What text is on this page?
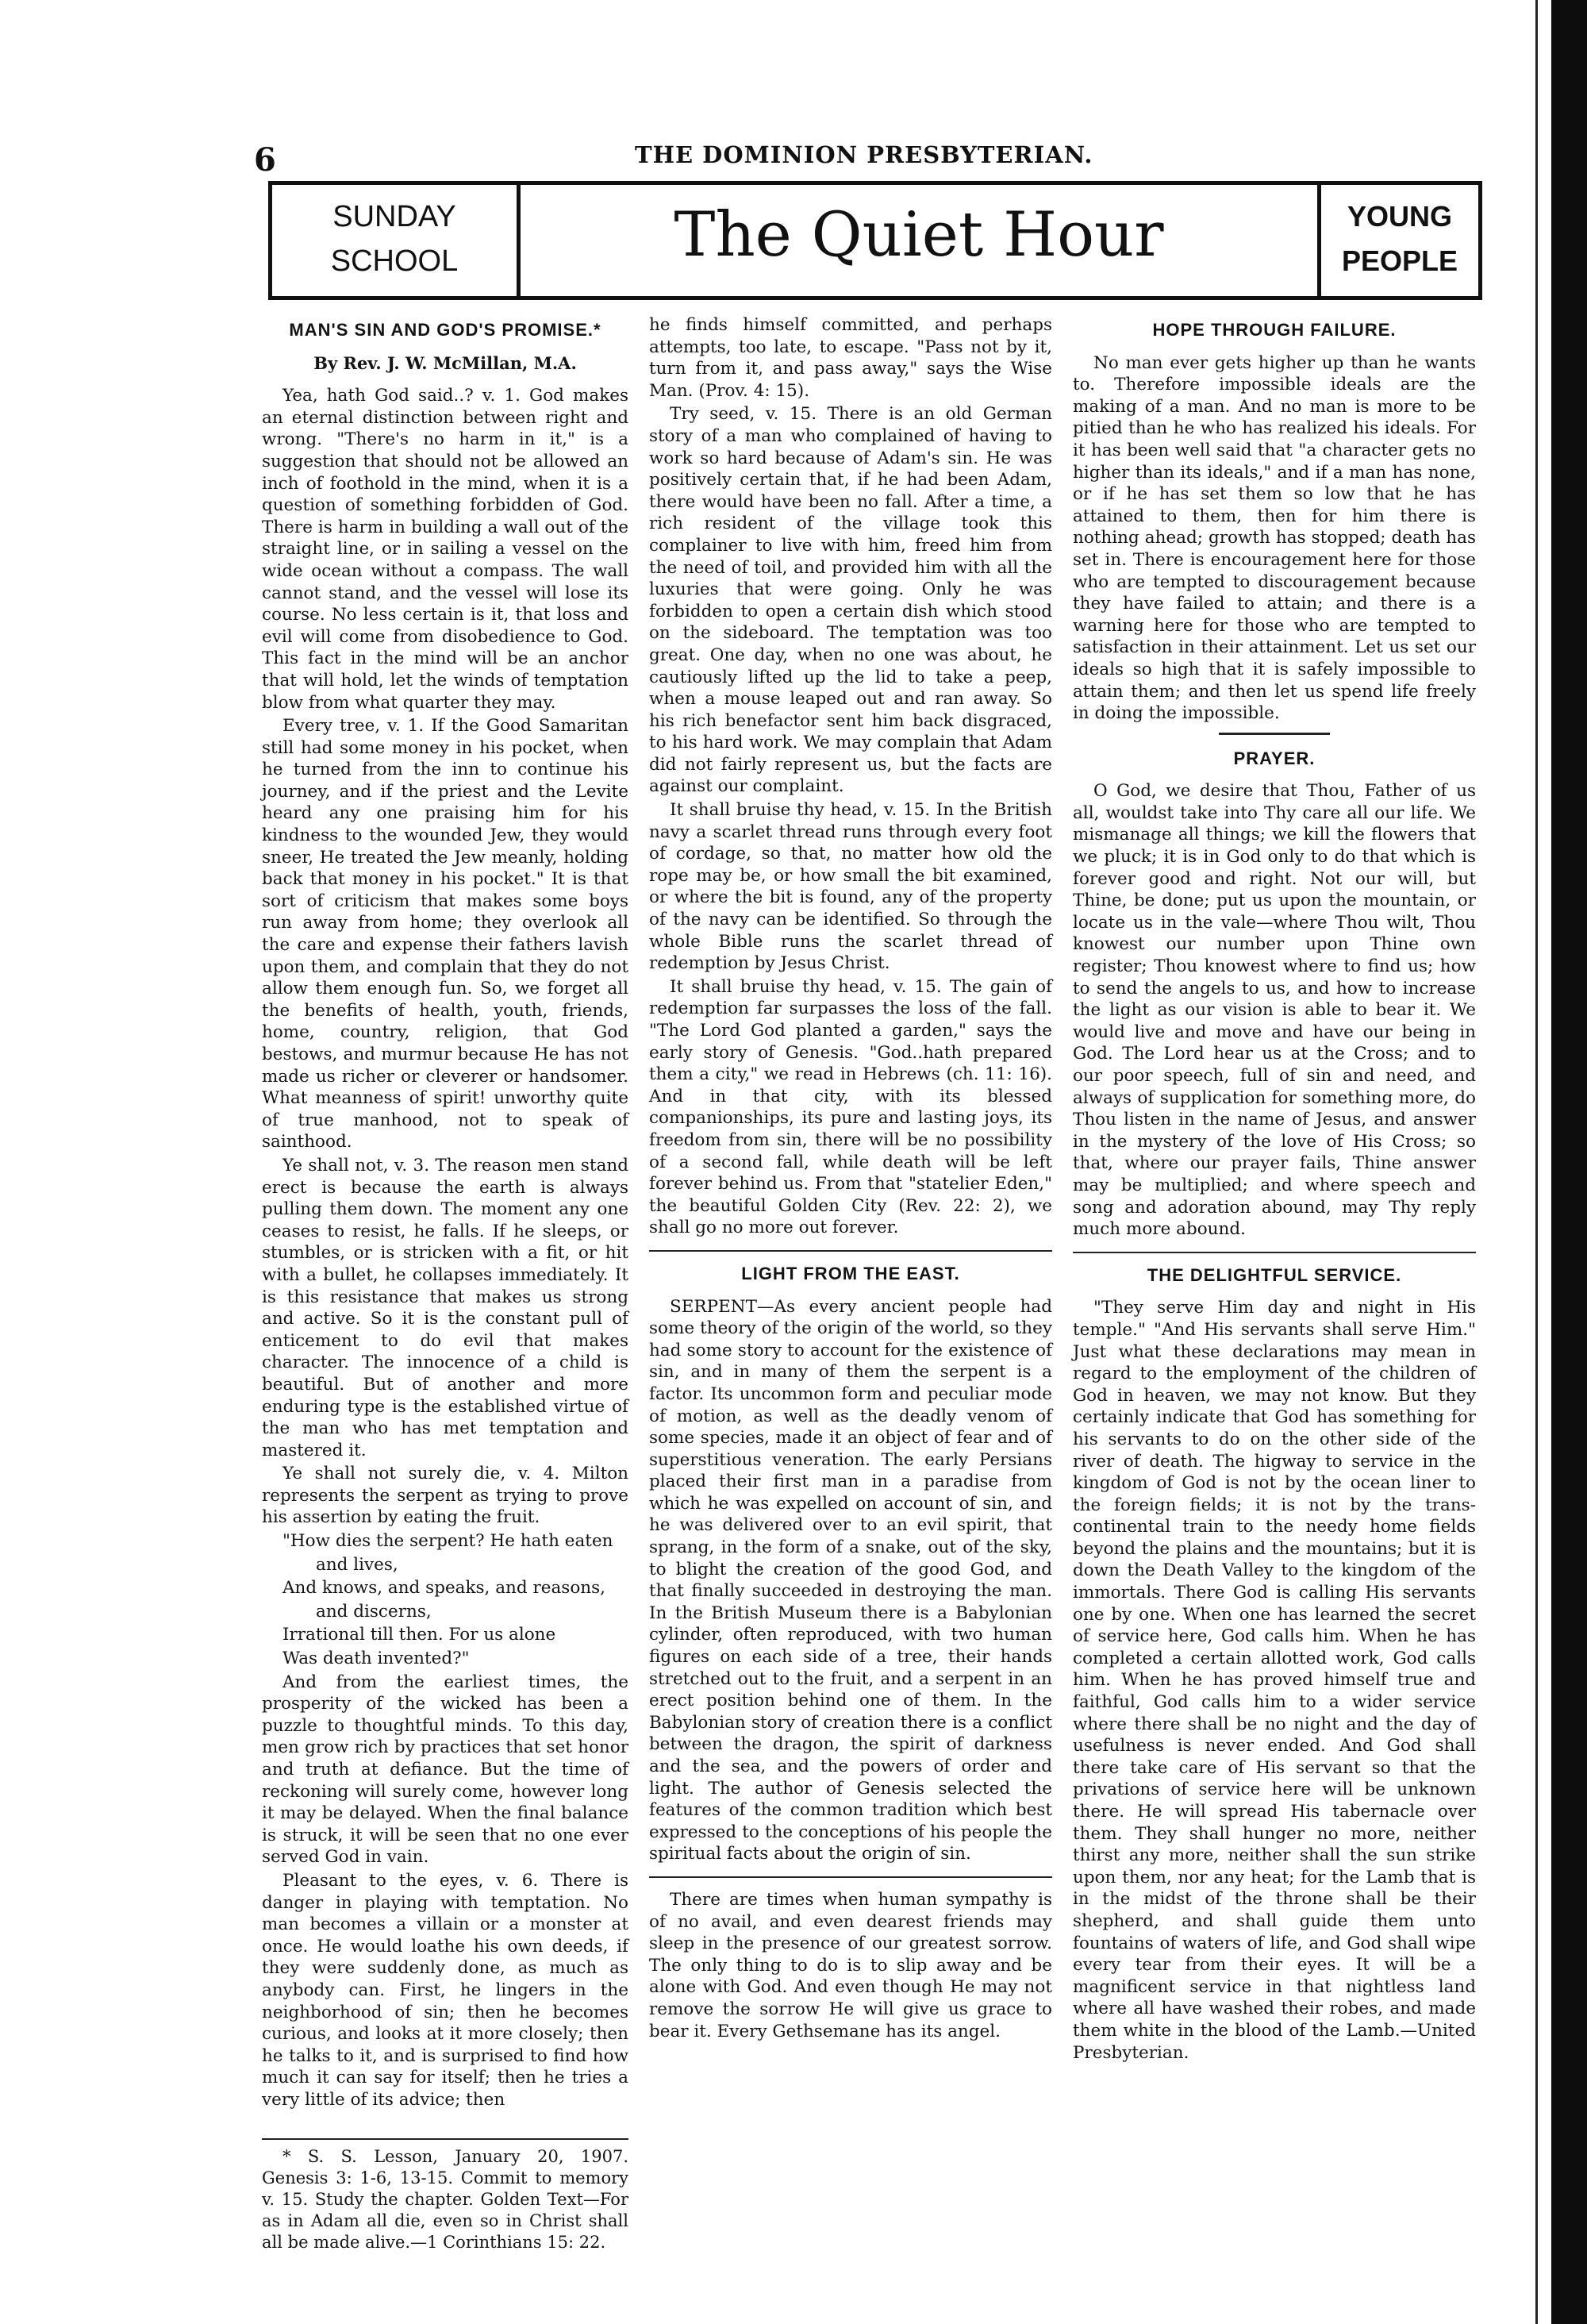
6	THE DOMINION PRESBYTERIAN.
SUNDAY
SCHOOL	The Quiet Hour	YOUNG
PEOPLE
MAN'S SIN AND GOD'S PROMISE.*
By Rev. J. W. McMillan, M.A.

Yea, hath God said..? v. 1. God makes an eternal distinction between right and wrong. "There's no harm in it," is a suggestion that should not be allowed an inch of foothold in the mind, when it is a question of something forbidden of God. There is harm in building a wall out of the straight line, or in sailing a vessel on the wide ocean without a compass. The wall cannot stand, and the vessel will lose its course. No less certain is it, that loss and evil will come from disobedience to God. This fact in the mind will be an anchor that will hold, let the winds of temptation blow from what quarter they may.

Every tree, v. 1. If the Good Samaritan still had some money in his pocket, when he turned from the inn to continue his journey, and if the priest and the Levite heard any one praising him for his kindness to the wounded Jew, they would sneer, He treated the Jew meanly, holding back that money in his pocket." It is that sort of criticism that makes some boys run away from home; they overlook all the care and expense their fathers lavish upon them, and complain that they do not allow them enough fun. So, we forget all the benefits of health, youth, friends, home, country, religion, that God bestows, and murmur because He has not made us richer or cleverer or handsomer. What meanness of spirit! unworthy quite of true manhood, not to speak of sainthood.

Ye shall not, v. 3. The reason men stand erect is because the earth is always pulling them down. The moment any one ceases to resist, he falls. If he sleeps, or stumbles, or is stricken with a fit, or hit with a bullet, he collapses immediately. It is this resistance that makes us strong and active. So it is the constant pull of enticement to do evil that makes character. The innocence of a child is beautiful. But of another and more enduring type is the established virtue of the man who has met temptation and mastered it.

Ye shall not surely die, v. 4. Milton represents the serpent as trying to prove his assertion by eating the fruit.

"How dies the serpent? He hath eaten

and lives,

And knows, and speaks, and reasons,

and discerns,

Irrational till then. For us alone

Was death invented?"

And from the earliest times, the prosperity of the wicked has been a puzzle to thoughtful minds. To this day, men grow rich by practices that set honor and truth at defiance. But the time of reckoning will surely come, however long it may be delayed. When the final balance is struck, it will be seen that no one ever served God in vain.

Pleasant to the eyes, v. 6. There is danger in playing with temptation. No man becomes a villain or a monster at once. He would loathe his own deeds, if they were suddenly done, as much as anybody can. First, he lingers in the neighborhood of sin; then he becomes curious, and looks at it more closely; then he talks to it, and is surprised to find how much it can say for itself; then he tries a very little of its advice; then

* S. S. Lesson, January 20, 1907. Genesis 3: 1-6, 13-15. Commit to memory v. 15. Study the chapter. Golden Text—For as in Adam all die, even so in Christ shall all be made alive.—1 Corinthians 15: 22.

he finds himself committed, and perhaps attempts, too late, to escape. "Pass not by it, turn from it, and pass away," says the Wise Man. (Prov. 4: 15).

Try seed, v. 15. There is an old German story of a man who complained of having to work so hard because of Adam's sin. He was positively certain that, if he had been Adam, there would have been no fall. After a time, a rich resident of the village took this complainer to live with him, freed him from the need of toil, and provided him with all the luxuries that were going. Only he was forbidden to open a certain dish which stood on the sideboard. The temptation was too great. One day, when no one was about, he cautiously lifted up the lid to take a peep, when a mouse leaped out and ran away. So his rich benefactor sent him back disgraced, to his hard work. We may complain that Adam did not fairly represent us, but the facts are against our complaint.

It shall bruise thy head, v. 15. In the British navy a scarlet thread runs through every foot of cordage, so that, no matter how old the rope may be, or how small the bit examined, or where the bit is found, any of the property of the navy can be identified. So through the whole Bible runs the scarlet thread of redemption by Jesus Christ.

It shall bruise thy head, v. 15. The gain of redemption far surpasses the loss of the fall. "The Lord God planted a garden," says the early story of Genesis. "God..hath prepared them a city," we read in Hebrews (ch. 11: 16). And in that city, with its blessed companionships, its pure and lasting joys, its freedom from sin, there will be no possibility of a second fall, while death will be left forever behind us. From that "statelier Eden," the beautiful Golden City (Rev. 22: 2), we shall go no more out forever.

LIGHT FROM THE EAST.

SERPENT—As every ancient people had some theory of the origin of the world, so they had some story to account for the existence of sin, and in many of them the serpent is a factor. Its uncommon form and peculiar mode of motion, as well as the deadly venom of some species, made it an object of fear and of superstitious veneration. The early Persians placed their first man in a paradise from which he was expelled on account of sin, and he was delivered over to an evil spirit, that sprang, in the form of a snake, out of the sky, to blight the creation of the good God, and that finally succeeded in destroying the man. In the British Museum there is a Babylonian cylinder, often reproduced, with two human figures on each side of a tree, their hands stretched out to the fruit, and a serpent in an erect position behind one of them. In the Babylonian story of creation there is a conflict between the dragon, the spirit of darkness and the sea, and the powers of order and light. The author of Genesis selected the features of the common tradition which best expressed to the conceptions of his people the spiritual facts about the origin of sin.

There are times when human sympathy is of no avail, and even dearest friends may sleep in the presence of our greatest sorrow. The only thing to do is to slip away and be alone with God. And even though He may not remove the sorrow He will give us grace to bear it. Every Gethsemane has its angel.

HOPE THROUGH FAILURE.

No man ever gets higher up than he wants to. Therefore impossible ideals are the making of a man. And no man is more to be pitied than he who has realized his ideals. For it has been well said that "a character gets no higher than its ideals," and if a man has none, or if he has set them so low that he has attained to them, then for him there is nothing ahead; growth has stopped; death has set in. There is encouragement here for those who are tempted to discouragement because they have failed to attain; and there is a warning here for those who are tempted to satisfaction in their attainment. Let us set our ideals so high that it is safely impossible to attain them; and then let us spend life freely in doing the impossible.

PRAYER.

O God, we desire that Thou, Father of us all, wouldst take into Thy care all our life. We mismanage all things; we kill the flowers that we pluck; it is in God only to do that which is forever good and right. Not our will, but Thine, be done; put us upon the mountain, or locate us in the vale—where Thou wilt, Thou knowest our number upon Thine own register; Thou knowest where to find us; how to send the angels to us, and how to increase the light as our vision is able to bear it. We would live and move and have our being in God. The Lord hear us at the Cross; and to our poor speech, full of sin and need, and always of supplication for something more, do Thou listen in the name of Jesus, and answer in the mystery of the love of His Cross; so that, where our prayer fails, Thine answer may be multiplied; and where speech and song and adoration abound, may Thy reply much more abound.

THE DELIGHTFUL SERVICE.

"They serve Him day and night in His temple." "And His servants shall serve Him." Just what these declarations may mean in regard to the employment of the children of God in heaven, we may not know. But they certainly indicate that God has something for his servants to do on the other side of the river of death. The higway to service in the kingdom of God is not by the ocean liner to the foreign fields; it is not by the trans-continental train to the needy home fields beyond the plains and the mountains; but it is down the Death Valley to the kingdom of the immortals. There God is calling His servants one by one. When one has learned the secret of service here, God calls him. When he has completed a certain allotted work, God calls him. When he has proved himself true and faithful, God calls him to a wider service where there shall be no night and the day of usefulness is never ended. And God shall there take care of His servant so that the privations of service here will be unknown there. He will spread His tabernacle over them. They shall hunger no more, neither thirst any more, neither shall the sun strike upon them, nor any heat; for the Lamb that is in the midst of the throne shall be their shepherd, and shall guide them unto fountains of waters of life, and God shall wipe every tear from their eyes. It will be a magnificent service in that nightless land where all have washed their robes, and made them white in the blood of the Lamb.—United Presbyterian.
